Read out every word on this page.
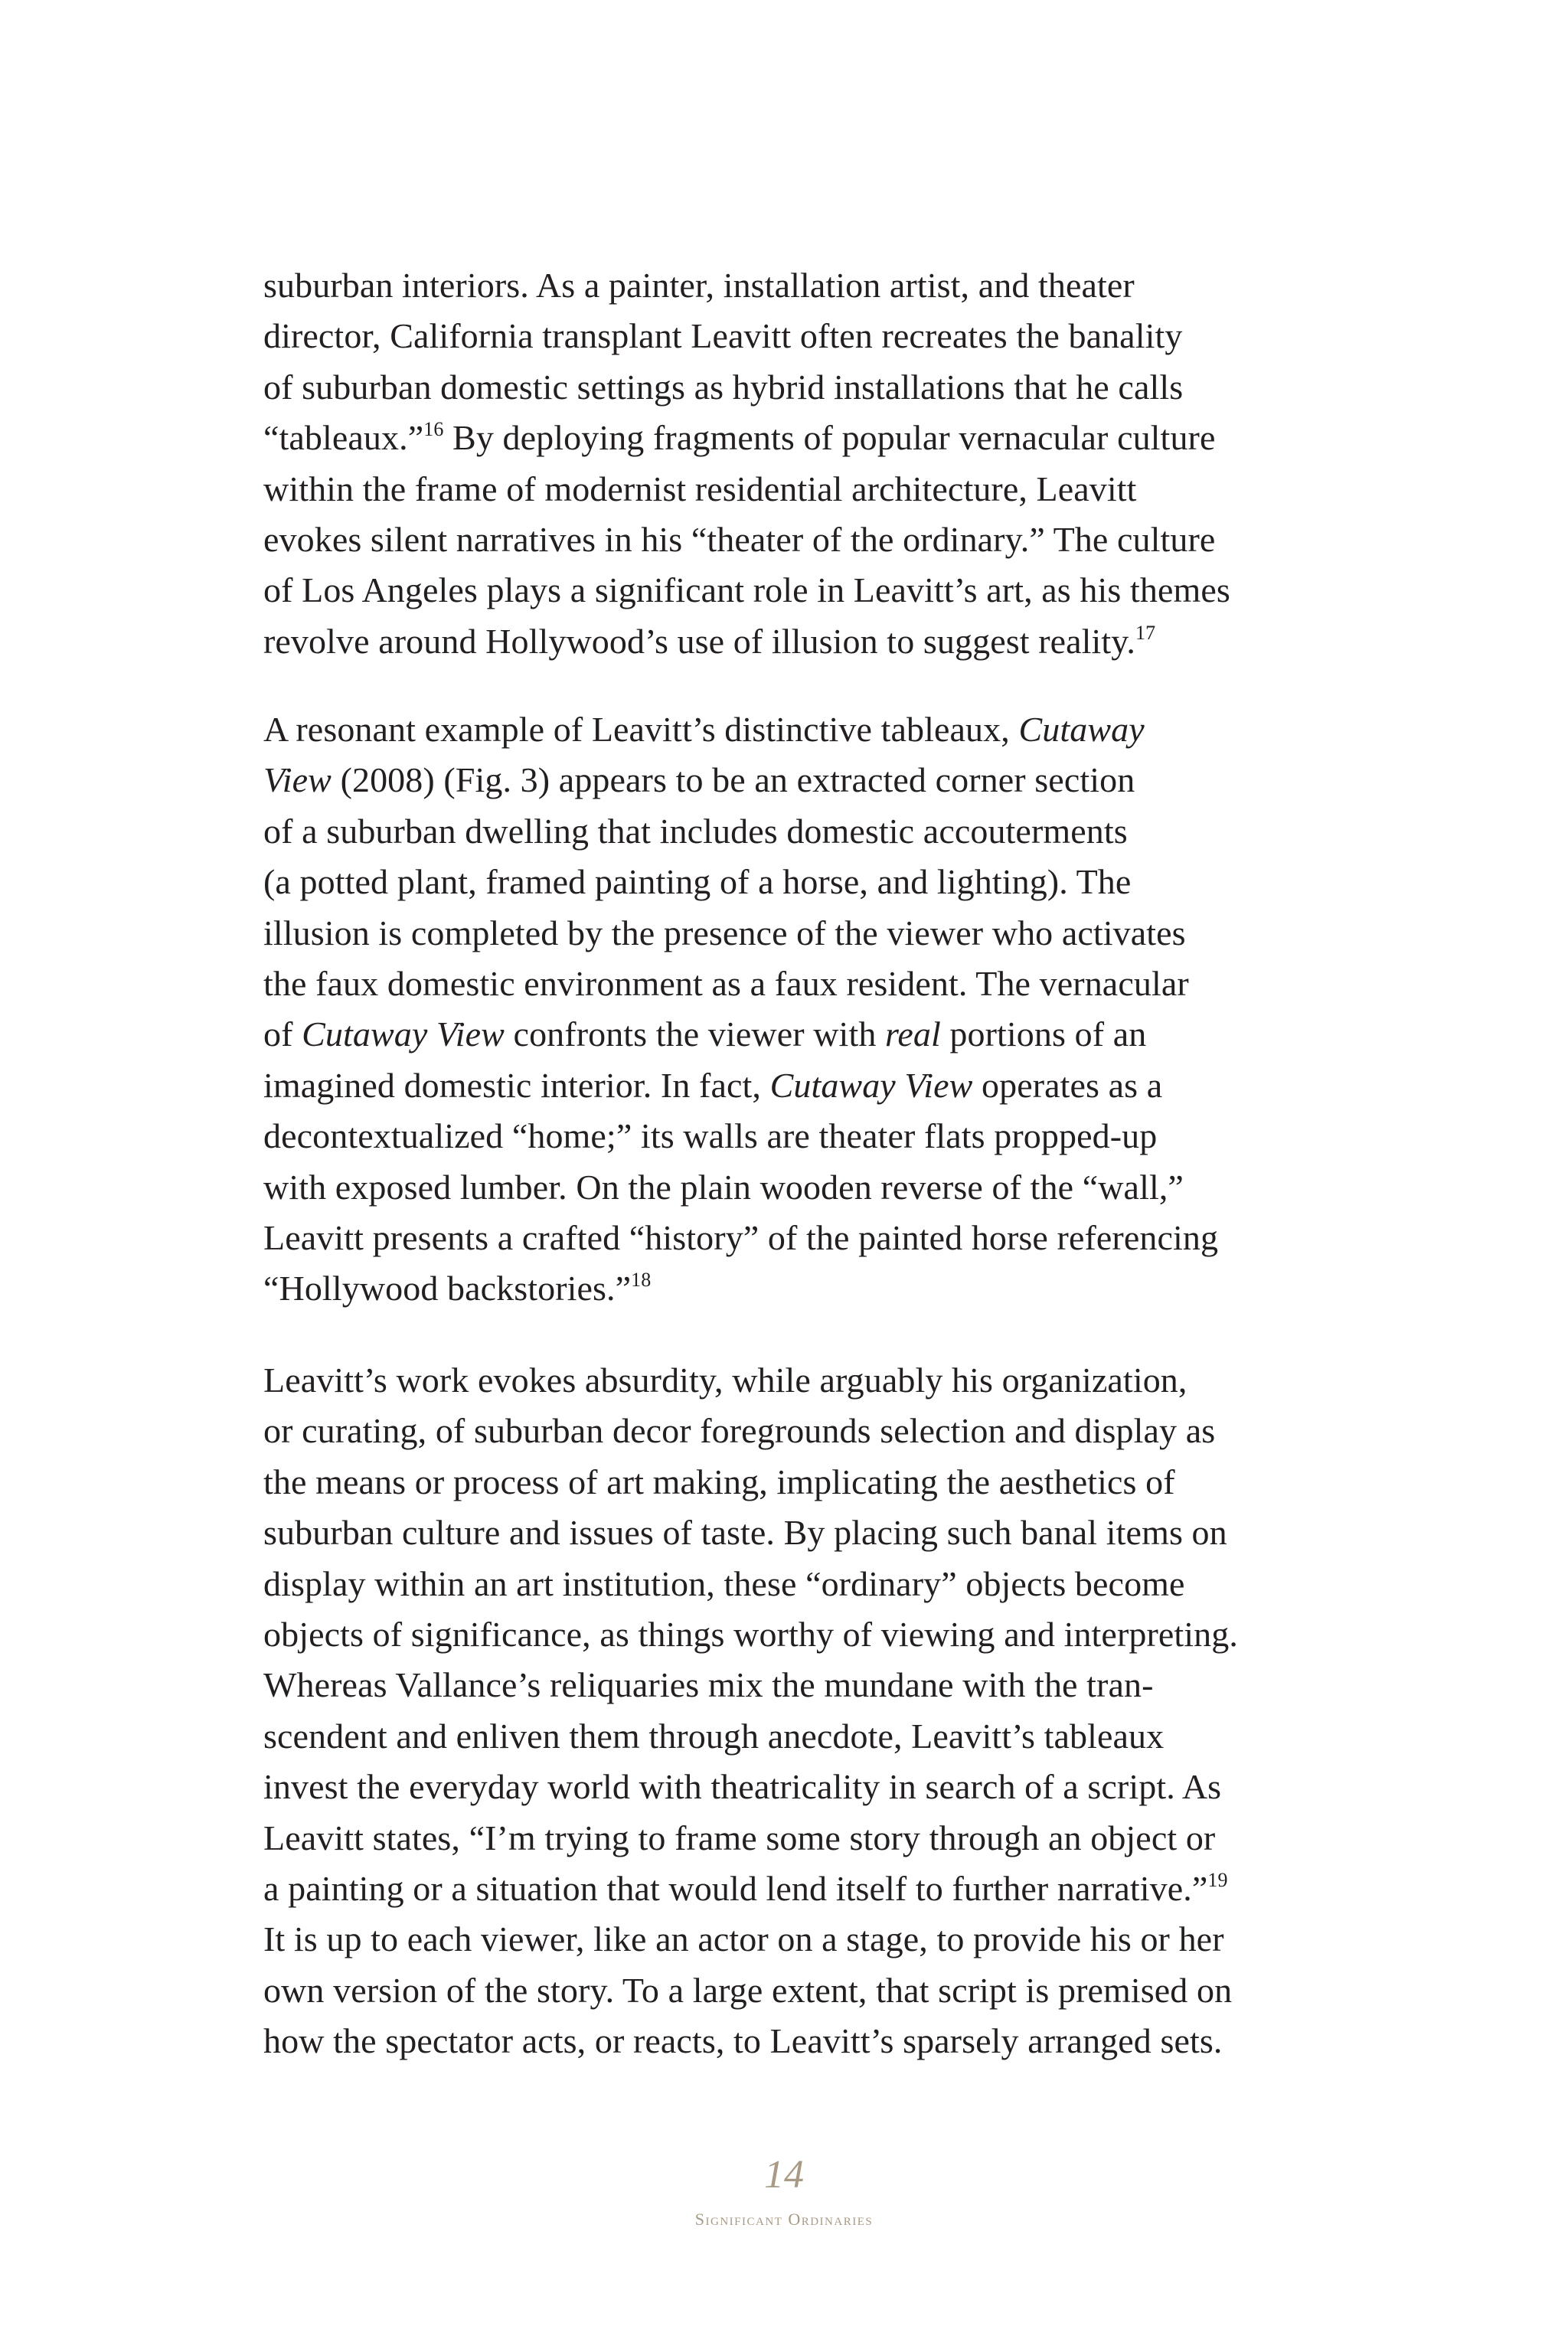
suburban interiors. As a painter, installation artist, and theater
director, California transplant Leavitt often recreates the banality
of suburban domestic settings as hybrid installations that he calls
“tableaux.”$^{16}$ By deploying fragments of popular vernacular culture
within the frame of modernist residential architecture, Leavitt
evokes silent narratives in his “theater of the ordinary.” The culture
of Los Angeles plays a significant role in Leavitt’s art, as his themes
revolve around Hollywood’s use of illusion to suggest reality.$^{17}$
A resonant example of Leavitt’s distinctive tableaux, Cutaway
View (2008) (Fig. 3) appears to be an extracted corner section
of a suburban dwelling that includes domestic accouterments
(a potted plant, framed painting of a horse, and lighting). The
illusion is completed by the presence of the viewer who activates
the faux domestic environment as a faux resident. The vernacular
of Cutaway View confronts the viewer with real portions of an
imagined domestic interior. In fact, Cutaway View operates as a
decontextualized “home;” its walls are theater flats propped-up
with exposed lumber. On the plain wooden reverse of the “wall,”
Leavitt presents a crafted “history” of the painted horse referencing
“Hollywood backstories.”$^{18}$
Leavitt’s work evokes absurdity, while arguably his organization,
or curating, of suburban decor foregrounds selection and display as
the means or process of art making, implicating the aesthetics of
suburban culture and issues of taste. By placing such banal items on
display within an art institution, these “ordinary” objects become
objects of significance, as things worthy of viewing and interpreting.
Whereas Vallance’s reliquaries mix the mundane with the tran-
scendent and enliven them through anecdote, Leavitt’s tableaux
invest the everyday world with theatricality in search of a script. As
Leavitt states, “I’m trying to frame some story through an object or
a painting or a situation that would lend itself to further narrative.”$^{19}$
It is up to each viewer, like an actor on a stage, to provide his or her
own version of the story. To a large extent, that script is premised on
how the spectator acts, or reacts, to Leavitt’s sparsely arranged sets.
14
Significant Ordinaries
